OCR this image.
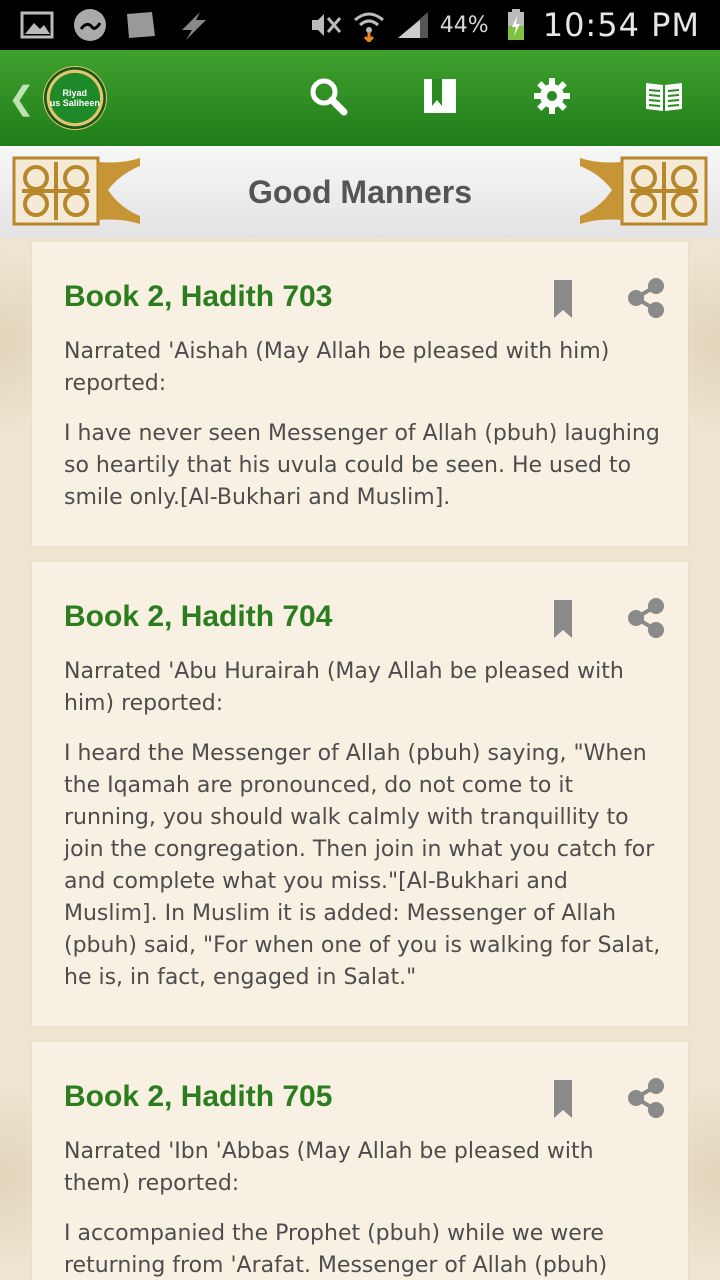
44% 10:54 PM
❮	Riyad
us Saliheen
Good Manners
Book 2, Hadith 703

Narrated 'Aishah (May Allah be pleased with him) reported:

I have never seen Messenger of Allah (pbuh) laughing so heartily that his uvula could be seen. He used to smile only.[Al-Bukhari and Muslim].

Book 2, Hadith 704

Narrated 'Abu Hurairah (May Allah be pleased with him) reported:

I heard the Messenger of Allah (pbuh) saying, "When the Iqamah are pronounced, do not come to it running, you should walk calmly with tranquillity to join the congregation. Then join in what you catch for and complete what you miss."[Al-Bukhari and Muslim]. In Muslim it is added: Messenger of Allah (pbuh) said, "For when one of you is walking for Salat, he is, in fact, engaged in Salat."

Book 2, Hadith 705

Narrated 'Ibn 'Abbas (May Allah be pleased with them) reported:

I accompanied the Prophet (pbuh) while we were returning from 'Arafat. Messenger of Allah (pbuh)
